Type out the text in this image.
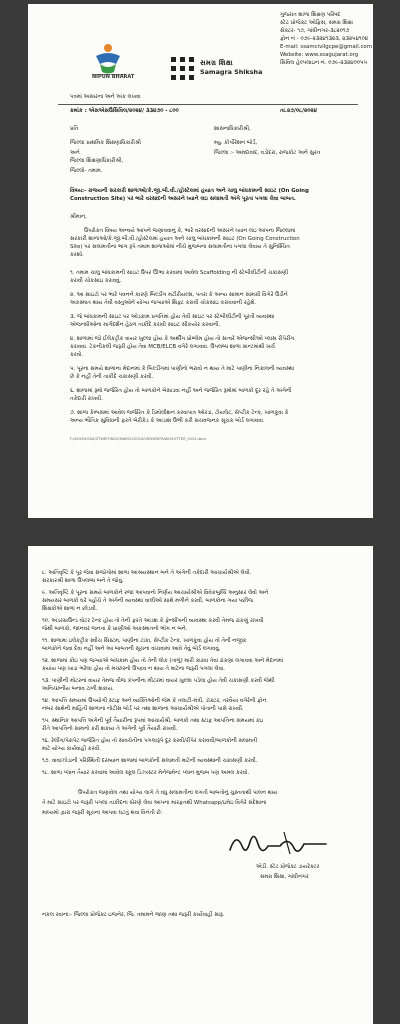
NIPUN BHARAT
સમગ્ર શિક્ષા
Samagra Shiksha
ગુજરાત શાળા શિક્ષણ પરિષદ
સ્ટેટ પ્રોજેક્ટ ઓફિસ, સમગ્ર શિક્ષા
સેક્ટર- ૧૭, ગાંધીનગર-૩૮૨૦૧૭
ફોન નં - ૦૭૯-૨૩૨૪૧૩૨૩, ૨૩૨૫૪૧૦૪
E-mail: ssamcivilgcpe@gmail.com
Website: www.ssagujarat.org
સિવિલ હેલ્પલાઇન નં. ૦૭૯-૨૩૨૪૦૦૫૫
પત્રમાં અસારના અને અંક લખવા
ક્રમાંક : એસએસઉસિવિલ/૨૦૨૪/ ૩૩૪૭૦ - ૮૦૦	તા.૨૭/૦૮/૨૦૨૪
પ્રતિ
જિલ્લા પ્રાથમિક શિક્ષણાધિકારીશ્રી
અને
જિલ્લા શિક્ષણાધિકારીશ્રી,
જિલ્લો- તમામ.
શાસનાધિકારીશ્રી,
મ્યુ. કોર્પોરેશન બોર્ડ,
જિલ્લા :- અમદાવાદ, વડોદરા, રાજકોટ અને સુરત
વિષય:- રાજયની સરકારી શાળાઓ/કે.જી.બી.વી./હોસ્ટેલમાં હયાત અને ચાલુ બાંધકામની સાઇટ (On Going
Construction Site) પર ભારે વરસાદની અસરને ધ્યાને લઇ સલામતી અંગે પૂરતા પગલા લેવા બાબત.
શ્રીમાન,
ઉપરોકત વિષય અન્વયે આપને જણાવવાનું કે, ભારે વરસાદની અસરને ધ્યાન લઇ આપના જિલ્લામાં
સરકારી શાળાઓ/કે.જી.બી.વી./હોસ્ટેલમાં હયાત અને ચાલુ બાંધકામની સાઇટ (On Going Construction
Site) પર સલામતીના ભાગ રૂપે તમામ શાળાઓમાં નીચે મુજબના સલામતીના પગલા લેવાય તે સુનિશ્ચિત
કરશો.
૧. તમામ ચાલુ બાંધકામની સાઇટ ઉપર ઊભા કરવામાં આવેલ Scaffolding ની સ્ટેબીલીટીની ચકાસણી
કરાવી ચોકસાઇ કરાવવું.
૨. આ સાઇટો પર ભારે પવનને કારણે બિલ્ડીંગ મટીરીયલ્સ, પતરા કે અન્ય સામાન સામગ્રી વિગેરે ઉડીને
અકસ્માત થાય તેવી વસ્તુઓને યોગ્ય જગ્યાએ શિફ્ટ કરાવી ચોકસાઇ કરાવવાની રહેશે.
૩. જે બાંધકામની સાઇટ પર ઓડકામ પ્રગતિમાં હોય તેવી સાઇટ પર સ્ટેબીલીટીની પૂરતી વ્યવસ્થા
એજન્સીઓના માર્ગદર્શન હેઠળ તાકીદે કરાવી સાઇટ સીકયોર કરવાની.
૪. શાળામાં જો ઈલેકટ્રીક વાયર ખુલ્લા હોય કે અર્થીંગ પ્રોબ્લેમ હોય તો સત્વરે એજન્સીઓ પ્લાસ રીપેરીંગ
કરાવવા. ટેકનીકલી જરૂરી હોય તેવા MCB/ELCB વગેરે લગાવવા. ઉપલબ્ધ શાળા ગ્રાન્ટમાંથી ખર્ચ
કરવો.
૫. પૂરના સમયે શાળાના મેદાનમાં કે બિલ્ડીંગમાં પાણીનો ભરાવો ન થાય તે માટે પાણીના નિકાલની વ્યવસ્થા
છે કે નહીં તેની તાકીદે ચકાસણી કરવી.
૬. શાળામાં રૂમો જર્જરિત હોય તો બાળકોને બેસાડવા નહીં અને જર્જરિત રૂમોમાં બાળકો દૂર રહે તે અંગેની
તકેદારી રાખવી.
૭. શાળા કેમ્પસમાં આવેલ જર્જરિત કે ડિમોલીશન કરવાપાત્ર ઓરડા, ટોયલેટ, સેપ્ટીક ટેન્ક, ખાળકૂવા કે
અન્ય ભૌતિક સુવિધાની ફરતે બેરીકેડ કે આડાશ ઉભી કરી સચવજનક સૂચક બોર્ડ લગાવવા.
F:/AYUSH/SSA/ZTWRITINGS/MARCH/2024/VIDYAPATRAKH/LETTER_2024.docx
૮. અતિવૃષ્ટિ કે પૂર જેવા સંજોગોમાં શાળા આશ્રયસ્થાન બને તે અંગેની તકેદારી આચાર્યશ્રીએ લેવી.
સરકારશ્રી શાળા ઉપલબ્ધ બને તે જોવું.
૯. અતિવૃષ્ટિ કે પૂરના સમયે બાળકોને રજા આપવાનો નિર્ણય આચાર્યશ્રીએ વિવેકબુધ્ધિ અનુસાર લેવો અને
સમયસર બાળકો ઘરે પહોંચે તે અંગેની વ્યવસ્થા વાલીઓ સાથે મળીને કરવી. બાળકોના ગયા પછીજ
શિક્ષકોએ શાળા ન છોડવી.
૧૦. અંડરગ્રાઉન્ડ વોટર ટેન્ક હોય તો તેની ફરતે આડશ કે ફેન્સીંગની વ્યવસ્થા કરવી તેમજ ઢાંકણું રાખવી
જેથી બાળકો, જાનવર જનતા કે પ્રાણીઓ અકસ્માતનો ભોગ ન બને.
૧૧. શાળામાં ઇલેકટ્રીક સ્વીચ સિસ્ટમ, પાણીના ટાંકા, સેપ્ટીક ટેન્ક, ખાળકૂવા હોય તો તેની નજીક
બાળકોને જવા દેવા નહીં અને આ બાબતની સૂચના વાંચવામાં આવે તેવું બોર્ડ લગાવવું.
૧૨. શાળામાં કોઇ પણ જગ્યાએ બાંધકામ હોય તો તેની લોક (તાળું) મારી કાઢવા તેવા ઢાંકણા લગાવવા અને મેદાનમાં
કયાંય પણ ખાડા ભરેલા હોય તો મચ્છરનો ઉપદ્રવ ન થાય તે માટેના જરૂરી પગલા લેવા.
૧૩. પાણીની મોટરનાં વાયર તેમજ વીજ કંપનીના મીટરમાં વાયર ખુલ્લા પડેલા હોય તેવી ચકાસણી કરવી જેથી
અનિચ્છનીય બનાવ ટાળી શકાય.
૧૪. આપત્તિ સમયમાં ઉપયોગી સ્ટાફ અને વ્યક્તિઓની જેમ કે તલાટી-મંત્રી, ડૉક્ટર, તરવૈયા વગેરેની ફોન
નંબર સાથેની માહિતી શાળાના નોટીસ બોર્ડ પર તથા શાળાના આચાર્યશ્રીએ પોતાની પાસે રાખવી.
૧૫. સ્થાનિક આપત્તિ અંગેની પૂર્વ તૈયારીના રૂપમાં આચાર્યશ્રી, બાળકો તથા સ્ટાફ આપત્તિના સમયમાં કઇ
રીતે આપત્તિનો સામનો કરી શકાય તે અંગેની પૂર્વ તૈયારી રાખવી.
૧૬. રેલીંગ/પેરાપેટ જર્જરિત હોય તો સાવચેતીના પગલારૂપે દૂર કરવી/રીપેર કરાવવી/બાળકોની સલામતી
માટે યોગ્ય કાર્યવાહી કરવી.
૧૭. વાવાઝોડાની પરિસ્થિતી દરમ્યાન શાળામાં બાળકોની સલામતી માટેની વ્યવસ્થાની ચકાસણી કરવી.
૧૮. શાળા પ્લાન તૈયાર કરવામાં આવેલ સ્કૂલ ડિઝાસ્ટર મેનેજમેન્ટ પ્લાન મુજબ પણ અમલ કરવો.
ઉપરોકત જણાવેલ તથા યોગ્ય લાગે તે વધુ સલામતીના લગતી બાબતોનું ચુસ્તતાથી પાલન થાય
તે માટે સાઇટો પર જરૂરી પગલા તાકીદના ધોરણે લેવા આપના મારફતથી Whatsapp/ઇમેઇ વિગેરે સંદેશાના
માધ્યમો દ્વારા જરૂરી સૂચના આપવા ઘટતું થવા વિનંતી છે.
એડી. સ્ટેટ પ્રોજેક્ટ ડાયરેક્ટર
સમગ્ર શિક્ષા, ગાંધીનગર
નકલ રવાના:- જિલ્લા પ્રોજેક્ટ ઇજનેર, જિ. તમામને જાણ તથા જરૂરી કાર્યવાહી સારૂ.
